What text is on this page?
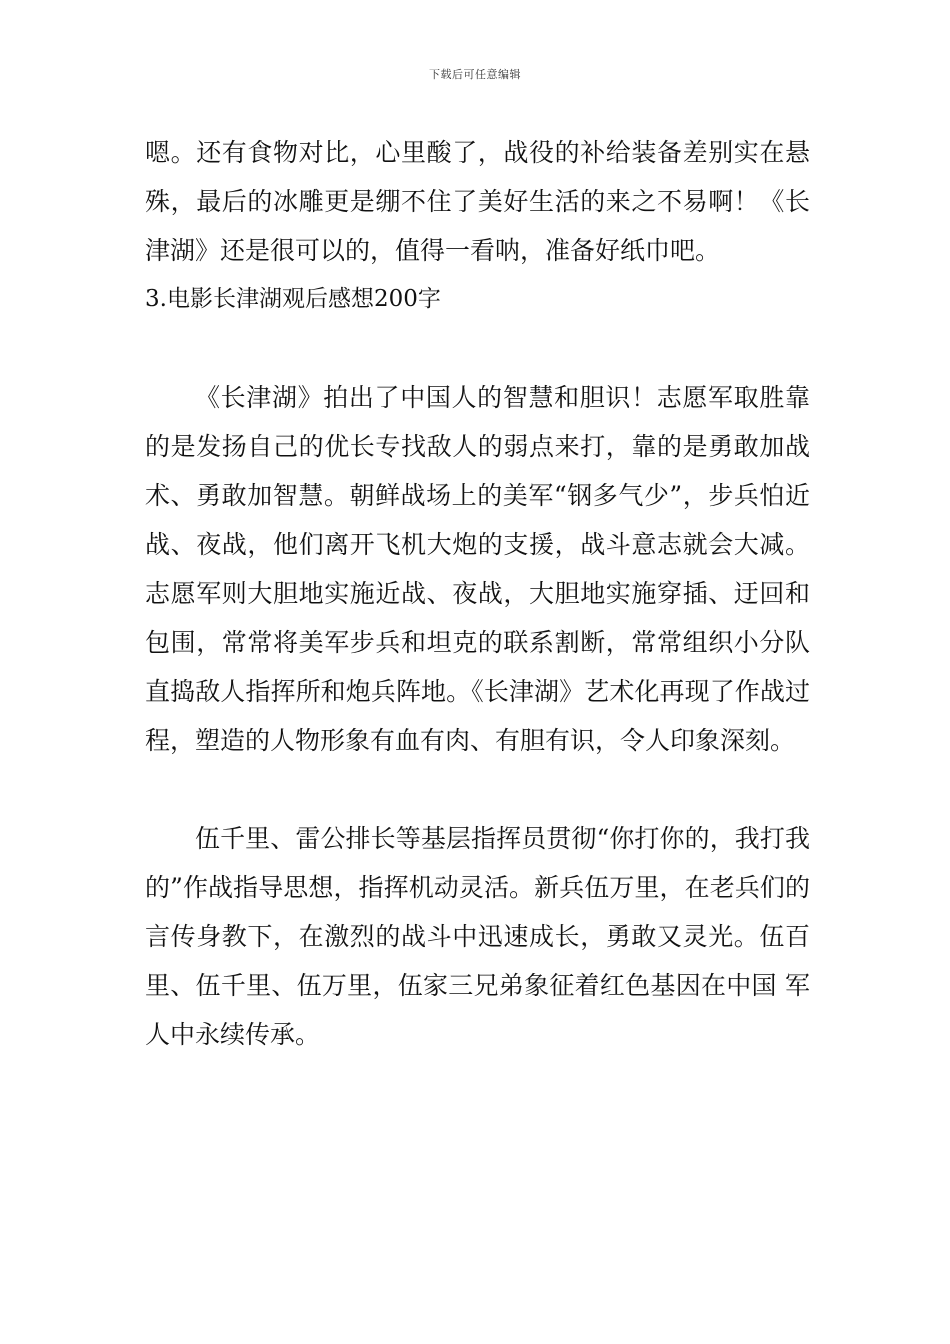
下载后可任意编辑

嗯。还有食物对比，心里酸了，战役的补给装备差别实在悬殊，最后的冰雕更是绷不住了美好生活的来之不易啊！《长津湖》还是很可以的，值得一看呐，准备好纸巾吧。

3.电影长津湖观后感想200字

《长津湖》拍出了中国人的智慧和胆识！志愿军取胜靠的是发扬自己的优长专找敌人的弱点来打，靠的是勇敢加战术、勇敢加智慧。朝鲜战场上的美军“钢多气少”，步兵怕近战、夜战，他们离开飞机大炮的支援，战斗意志就会大减。志愿军则大胆地实施近战、夜战，大胆地实施穿插、迂回和包围，常常将美军步兵和坦克的联系割断，常常组织小分队直捣敌人指挥所和炮兵阵地。《长津湖》艺术化再现了作战过程，塑造的人物形象有血有肉、有胆有识，令人印象深刻。

伍千里、雷公排长等基层指挥员贯彻“你打你的，我打我的”作战指导思想，指挥机动灵活。新兵伍万里，在老兵们的言传身教下，在激烈的战斗中迅速成长，勇敢又灵光。伍百里、伍千里、伍万里，伍家三兄弟象征着红色基因在中国 军人中永续传承。
